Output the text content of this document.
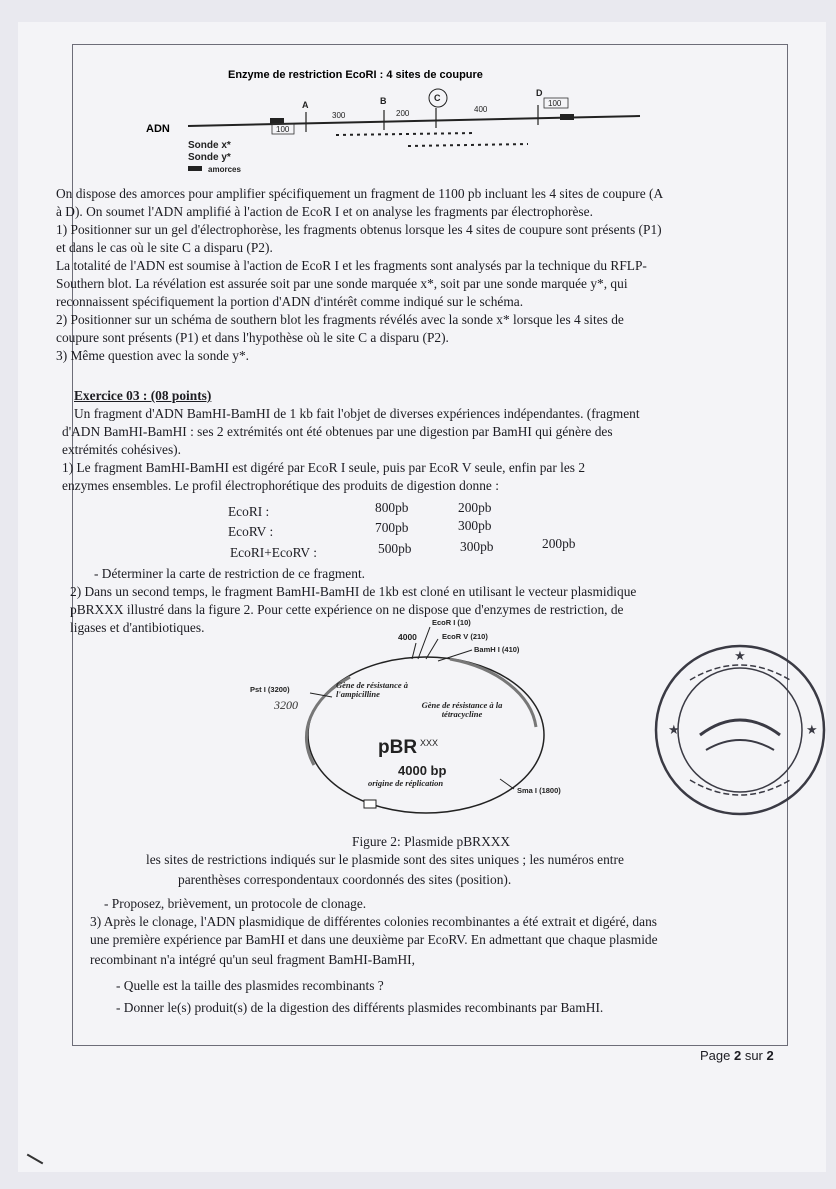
Enzyme de restriction EcoRI : 4 sites de coupure
ADN
A	B	C	D
100
300	200	400
100
Sonde x*
Sonde y*
amorces
On dispose des amorces pour amplifier spécifiquement un fragment de 1100 pb incluant les 4 sites de coupure (A
à D). On soumet l'ADN amplifié à l'action de EcoR I et on analyse les fragments par électrophorèse.
1) Positionner sur un gel d'électrophorèse, les fragments obtenus lorsque les 4 sites de coupure sont présents (P1)
et dans le cas où le site C a disparu (P2).
La totalité de l'ADN est soumise à l'action de EcoR I et les fragments sont analysés par la technique du RFLP-
Southern blot. La révélation est assurée soit par une sonde marquée x*, soit par une sonde marquée y*, qui
reconnaissent spécifiquement la portion d'ADN d'intérêt comme indiqué sur le schéma.
2) Positionner sur un schéma de southern blot les fragments révélés avec la sonde x* lorsque les 4 sites de
coupure sont présents (P1) et dans l'hypothèse où le site C a disparu (P2).
3) Même question avec la sonde y*.
Exercice 03 : (08 points)
Un fragment d'ADN BamHI-BamHI de 1 kb fait l'objet de diverses expériences indépendantes. (fragment
d'ADN BamHI-BamHI : ses 2 extrémités ont été obtenues par une digestion par BamHI qui génère des
extrémités cohésives).
1) Le fragment BamHI-BamHI est digéré par EcoR I seule, puis par EcoR V seule, enfin par les 2
enzymes ensembles. Le profil électrophorétique des produits de digestion donne :
EcoRI :	800pb	200pb
EcoRV :	700pb	300pb
EcoRI+EcoRV :	500pb	300pb	200pb
- Déterminer la carte de restriction de ce fragment.
2) Dans un second temps, le fragment BamHI-BamHI de 1kb est cloné en utilisant le vecteur plasmidique
pBRXXX illustré dans la figure 2. Pour cette expérience on ne dispose que d'enzymes de restriction, de
ligases et d'antibiotiques.
4000
EcoR I (10)
EcoR V (210)
BamH I (410)
Pst I (3200)
Sma I (1800)
3200
Gène de résistance à l'ampicilline
Gène de résistance à la tétracycline
origine de réplication
pBR XXX
4000 bp
Figure 2: Plasmide pBRXXX
les sites de restrictions indiqués sur le plasmide sont des sites uniques ; les numéros entre
parenthèses correspondentaux coordonnés des sites (position).
- Proposez, brièvement, un protocole de clonage.
3) Après le clonage, l'ADN plasmidique de différentes colonies recombinantes a été extrait et digéré, dans
une première expérience par BamHI et dans une deuxième par EcoRV. En admettant que chaque plasmide
recombinant n'a intégré qu'un seul fragment BamHI-BamHI,
- Quelle est la taille des plasmides recombinants ?
- Donner le(s) produit(s) de la digestion des différents plasmides recombinants par BamHI.
★
★	★
Page 2 sur 2
